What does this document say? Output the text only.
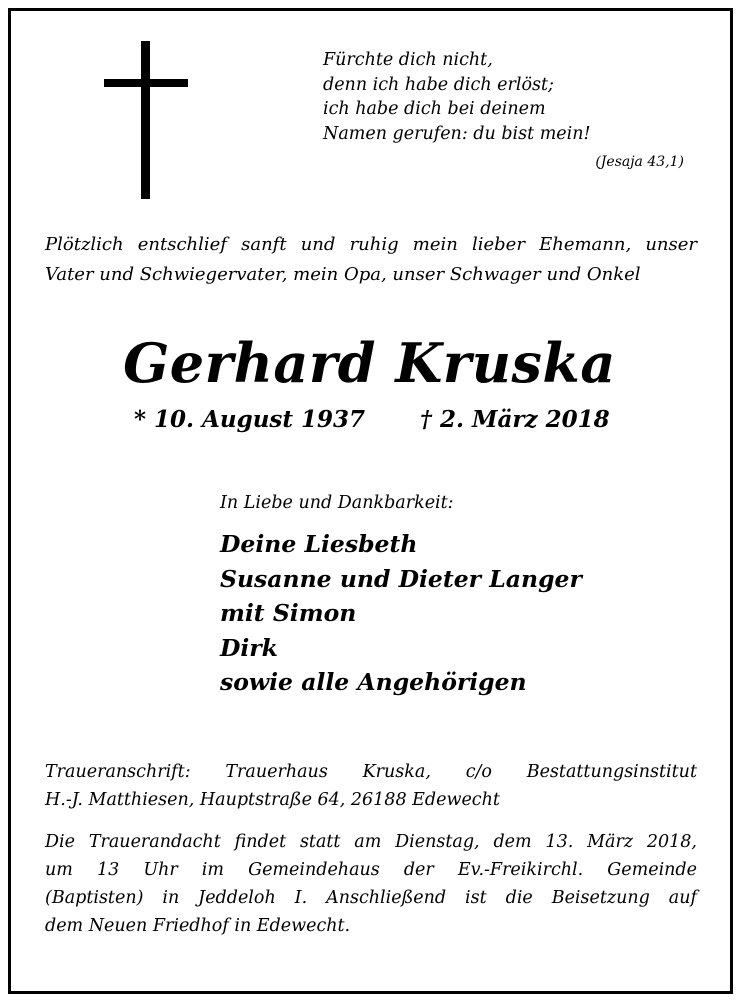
Fürchte dich nicht,
denn ich habe dich erlöst;
ich habe dich bei deinem
Namen gerufen: du bist mein!
(Jesaja 43,1)
Plötzlich entschlief sanft und ruhig mein lieber Ehemann, unser
Vater und Schwiegervater, mein Opa, unser Schwager und Onkel
Gerhard Kruska
* 10. August 1937 † 2. März 2018
In Liebe und Dankbarkeit:
Deine Liesbeth
Susanne und Dieter Langer
mit Simon
Dirk
sowie alle Angehörigen
Traueranschrift: Trauerhaus Kruska, c/o Bestattungsinstitut
H.-J. Matthiesen, Hauptstraße 64, 26188 Edewecht
Die Trauerandacht findet statt am Dienstag, dem 13. März 2018,
um 13 Uhr im Gemeindehaus der Ev.-Freikirchl. Gemeinde
(Baptisten) in Jeddeloh I. Anschließend ist die Beisetzung auf
dem Neuen Friedhof in Edewecht.
